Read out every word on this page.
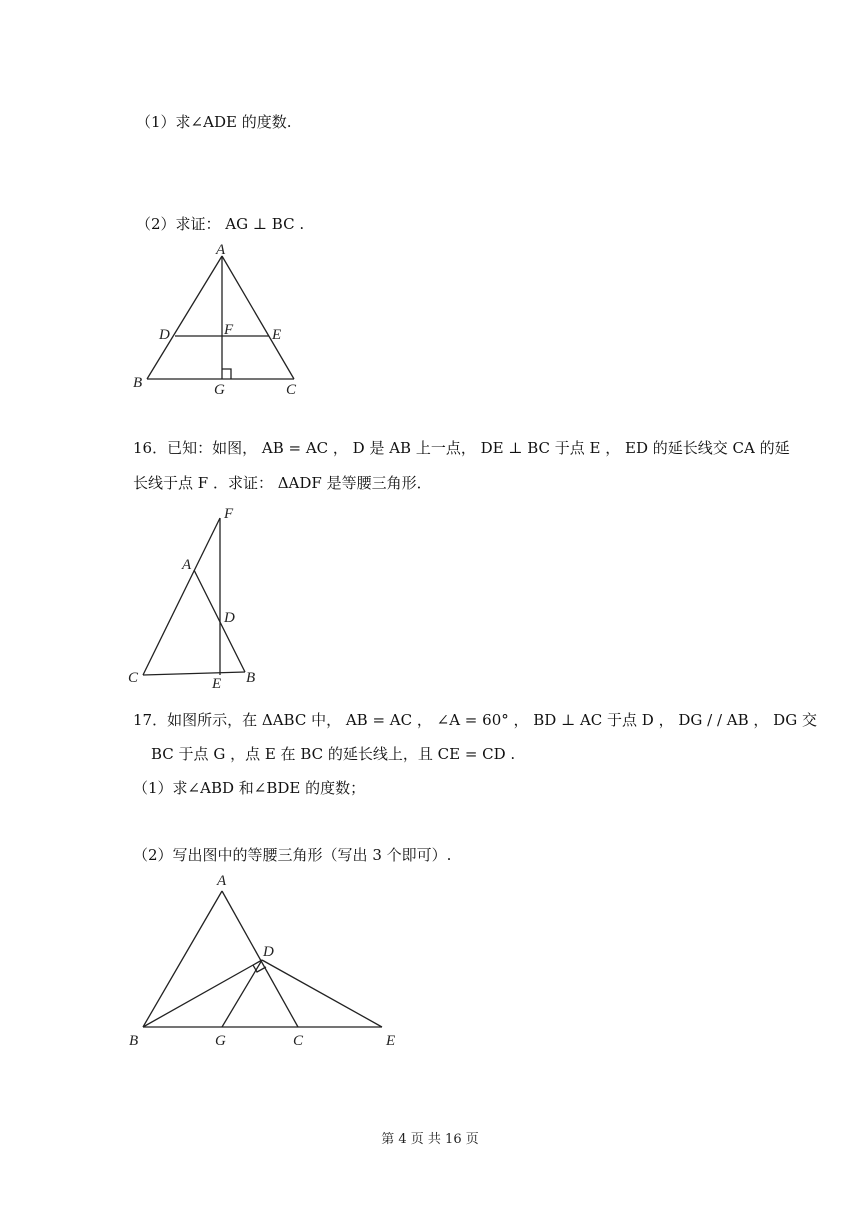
（1）求∠ADE 的度数.
（2）求证： AG ⊥ BC .
A
B	C
D	E
F
G
16．已知：如图， AB = AC ， D 是 AB 上一点， DE ⊥ BC 于点 E ， ED 的延长线交 CA 的延
长线于点 F ．求证： ΔADF 是等腰三角形．
F
A
D
C	E B
17．如图所示，在 ΔABC 中， AB = AC ， ∠A = 60° ， BD ⊥ AC 于点 D ， DG / / AB ， DG 交
BC 于点 G ，点 E 在 BC 的延长线上，且 CE = CD .
（1）求∠ABD 和∠BDE 的度数；
（2）写出图中的等腰三角形（写出 3 个即可）.
A
D
B	G	C	E
第 4 页 共 16 页
